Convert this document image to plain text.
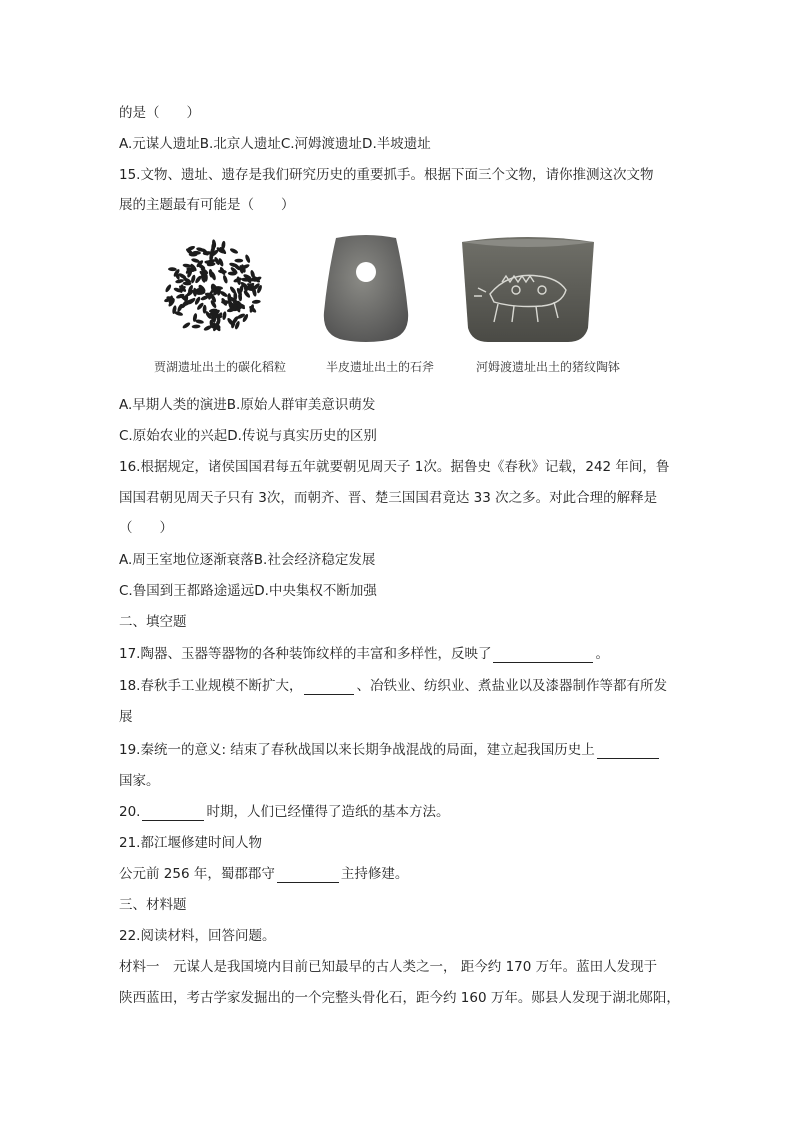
的是（　　）
A.元谋人遗址B.北京人遗址C.河姆渡遗址D.半坡遗址
15.文物、遗址、遗存是我们研究历史的重要抓手。根据下面三个文物，请你推测这次文物
展的主题最有可能是（　　）
贾湖遗址出土的碳化稻粒	半皮遗址出土的石斧	河姆渡遗址出土的猪纹陶钵
A.早期人类的演进B.原始人群审美意识萌发
C.原始农业的兴起D.传说与真实历史的区别
16.根据规定，诸侯国国君每五年就要朝见周天子 1次。据鲁史《春秋》记载，242 年间，鲁
国国君朝见周天子只有 3次，而朝齐、晋、楚三国国君竟达 33 次之多。对此合理的解释是
（　　）
A.周王室地位逐渐衰落B.社会经济稳定发展
C.鲁国到王都路途遥远D.中央集权不断加强
二、填空题
17.陶器、玉器等器物的各种装饰纹样的丰富和多样性，反映了	。
18.春秋手工业规模不断扩大，	、冶铁业、纺织业、煮盐业以及漆器制作等都有所发
展
19.秦统一的意义: 结束了春秋战国以来长期争战混战的局面，建立起我国历史上
国家。
20.	时期，人们已经懂得了造纸的基本方法。
21.都江堰修建时间人物
公元前 256 年，蜀郡郡守	主持修建。
三、材料题
22.阅读材料，回答问题。
材料一　元谋人是我国境内目前已知最早的古人类之一， 距今约 170 万年。蓝田人发现于
陕西蓝田，考古学家发掘出的一个完整头骨化石，距今约 160 万年。郧县人发现于湖北郧阳，
